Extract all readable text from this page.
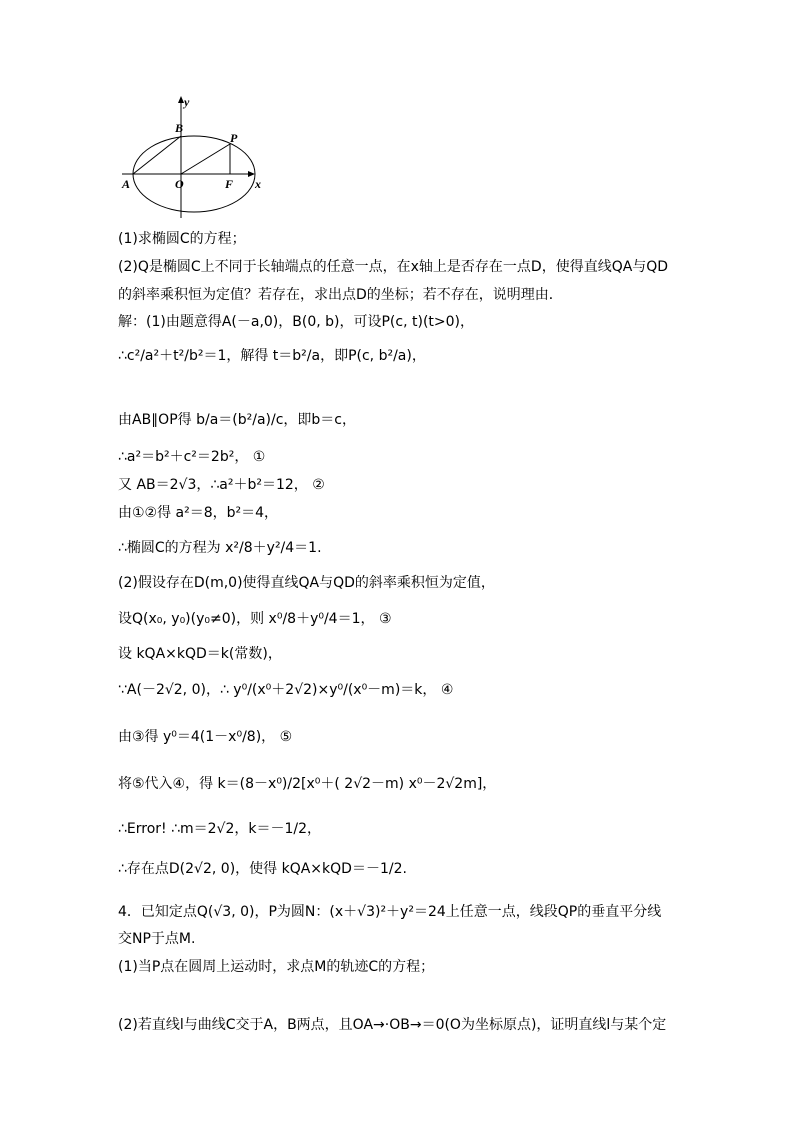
y
B
P
A	O	F x
(1)求椭圆C的方程；
(2)Q是椭圆C上不同于长轴端点的任意一点，在x轴上是否存在一点D，使得直线QA与QD
的斜率乘积恒为定值？若存在，求出点D的坐标；若不存在，说明理由．
解：(1)由题意得A(－a,0)，B(0, b)，可设P(c, t)(t>0)，
∴c²/a²＋t²/b²＝1，解得 t＝b²/a，即P(c, b²/a)，
由AB∥OP得 b/a＝(b²/a)/c，即b＝c，
∴a²＝b²＋c²＝2b²， ①
又 AB＝2√3，∴a²＋b²＝12， ②
由①②得 a²＝8，b²＝4，
∴椭圆C的方程为 x²/8＋y²/4＝1.
(2)假设存在D(m,0)使得直线QA与QD的斜率乘积恒为定值，
设Q(x₀, y₀)(y₀≠0)，则 x⁰/8＋y⁰/4＝1， ③
设 kQA×kQD＝k(常数)，
∵A(－2√2, 0)，∴ y⁰/(x⁰＋2√2)×y⁰/(x⁰－m)＝k， ④
由③得 y⁰＝4(1－x⁰/8)， ⑤
将⑤代入④，得 k＝(8－x⁰)/2[x⁰＋( 2√2－m) x⁰－2√2m]，
∴Error! ∴m＝2√2，k＝－1/2，
∴存在点D(2√2, 0)，使得 kQA×kQD＝－1/2.
4．已知定点Q(√3, 0)，P为圆N：(x＋√3)²＋y²＝24上任意一点，线段QP的垂直平分线
交NP于点M.
(1)当P点在圆周上运动时，求点M的轨迹C的方程；
(2)若直线l与曲线C交于A，B两点，且OA→·OB→＝0(O为坐标原点)，证明直线l与某个定
